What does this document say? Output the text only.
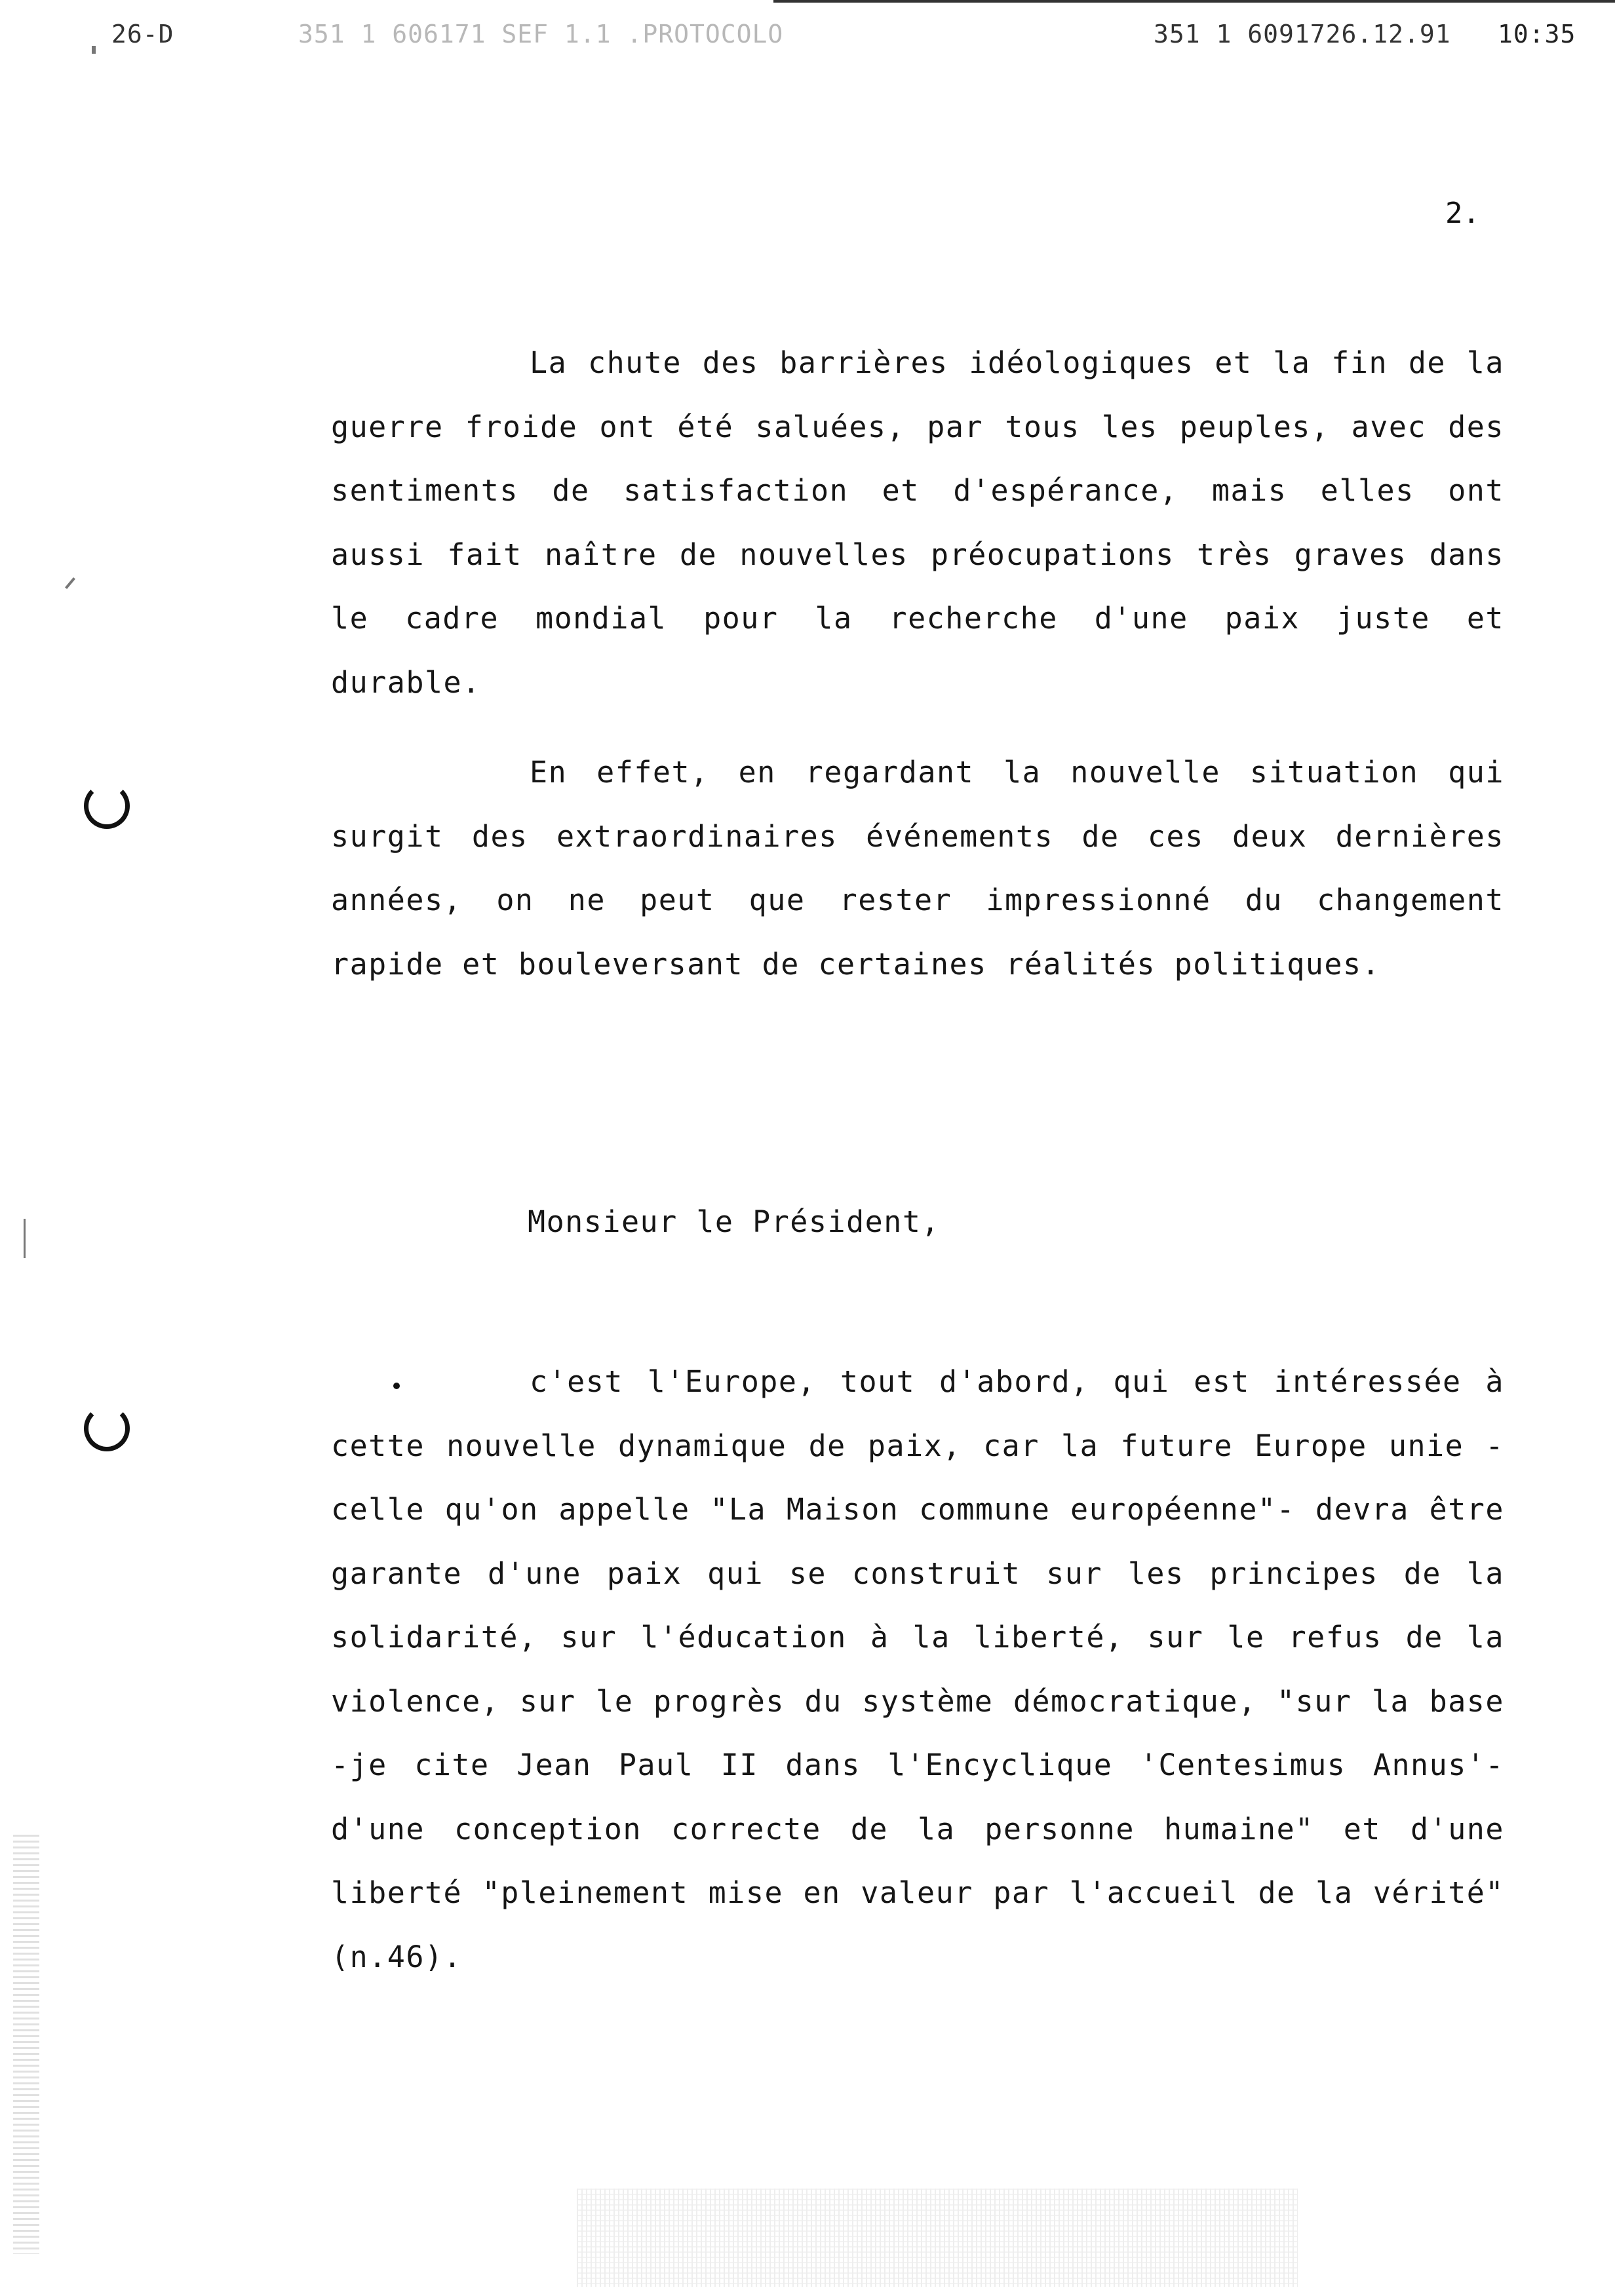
26-D	351 1 606171 SEF 1.1 .PROTOCOLO	351 1 6091726.12.91 10:35
2.

La chute des barrières idéologiques et la fin de la guerre froide ont été saluées, par tous les peuples, avec des sentiments de satisfaction et d'espérance, mais elles ont aussi fait naître de nouvelles préocupations très graves dans le cadre mondial pour la recherche d'une paix juste et durable.

En effet, en regardant la nouvelle situation qui surgit des extraordinaires événements de ces deux dernières années, on ne peut que rester impressionné du changement rapide et bouleversant de certaines réalités politiques.

c'est l'Europe, tout d'abord, qui est intéressée à cette nouvelle dynamique de paix, car la future Europe unie -celle qu'on appelle "La Maison commune européenne"- devra être garante d'une paix qui se construit sur les principes de la solidarité, sur l'éducation à la liberté, sur le refus de la violence, sur le progrès du système démocratique, "sur la base -je cite Jean Paul II dans l'Encyclique 'Centesimus Annus'- d'une conception correcte de la personne humaine" et d'une liberté "pleinement mise en valeur par l'accueil de la vérité" (n.46).

Monsieur le Président,
